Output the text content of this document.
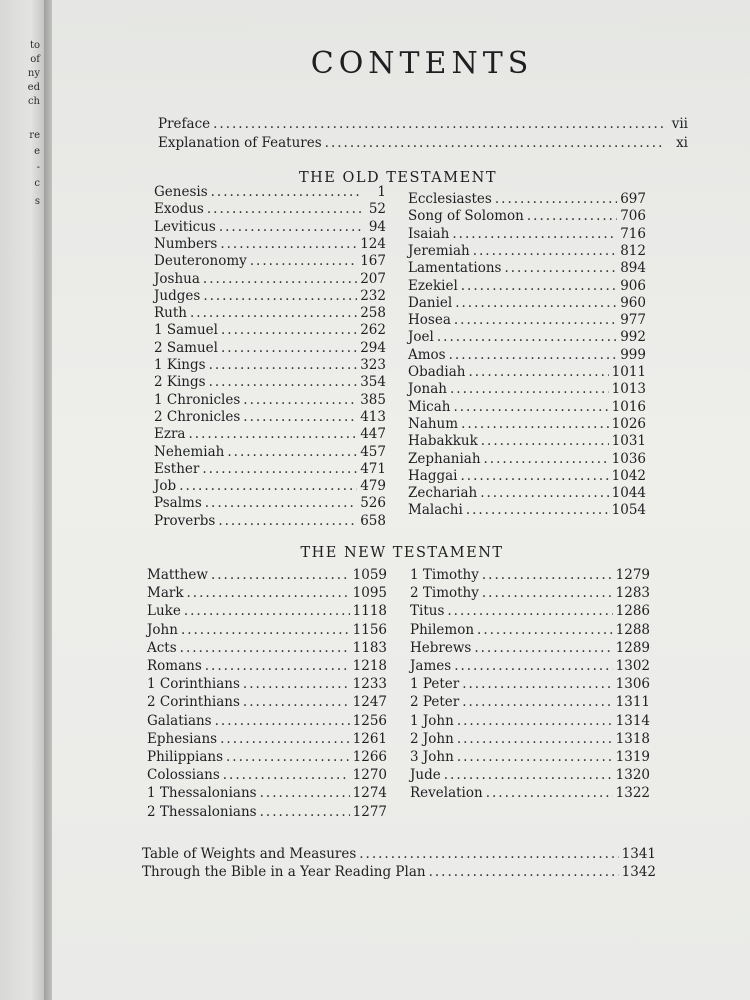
to
of
ny
ed
ch
re
e
-
c
s
CONTENTS
Preface .....	vii
Explanation of Features .....	xi
THE OLD TESTAMENT
Genesis .....	1
Exodus .....	52
Leviticus .....	94
Numbers .....	124
Deuteronomy .....	167
Joshua .....	207
Judges .....	232
Ruth .....	258
1 Samuel .....	262
2 Samuel .....	294
1 Kings .....	323
2 Kings .....	354
1 Chronicles .....	385
2 Chronicles .....	413
Ezra .....	447
Nehemiah .....	457
Esther .....	471
Job .....	479
Psalms .....	526
Proverbs .....	658
Ecclesiastes .....	697
Song of Solomon .....	706
Isaiah .....	716
Jeremiah .....	812
Lamentations .....	894
Ezekiel .....	906
Daniel .....	960
Hosea .....	977
Joel .....	992
Amos .....	999
Obadiah .....	1011
Jonah .....	1013
Micah .....	1016
Nahum .....	1026
Habakkuk .....	1031
Zephaniah .....	1036
Haggai .....	1042
Zechariah .....	1044
Malachi .....	1054
THE NEW TESTAMENT
Matthew .....	1059
Mark .....	1095
Luke .....	1118
John .....	1156
Acts .....	1183
Romans .....	1218
1 Corinthians .....	1233
2 Corinthians .....	1247
Galatians .....	1256
Ephesians .....	1261
Philippians .....	1266
Colossians .....	1270
1 Thessalonians .....	1274
2 Thessalonians .....	1277
1 Timothy .....	1279
2 Timothy .....	1283
Titus .....	1286
Philemon .....	1288
Hebrews .....	1289
James .....	1302
1 Peter .....	1306
2 Peter .....	1311
1 John .....	1314
2 John .....	1318
3 John .....	1319
Jude .....	1320
Revelation .....	1322
Table of Weights and Measures .....	1341
Through the Bible in a Year Reading Plan .....	1342
